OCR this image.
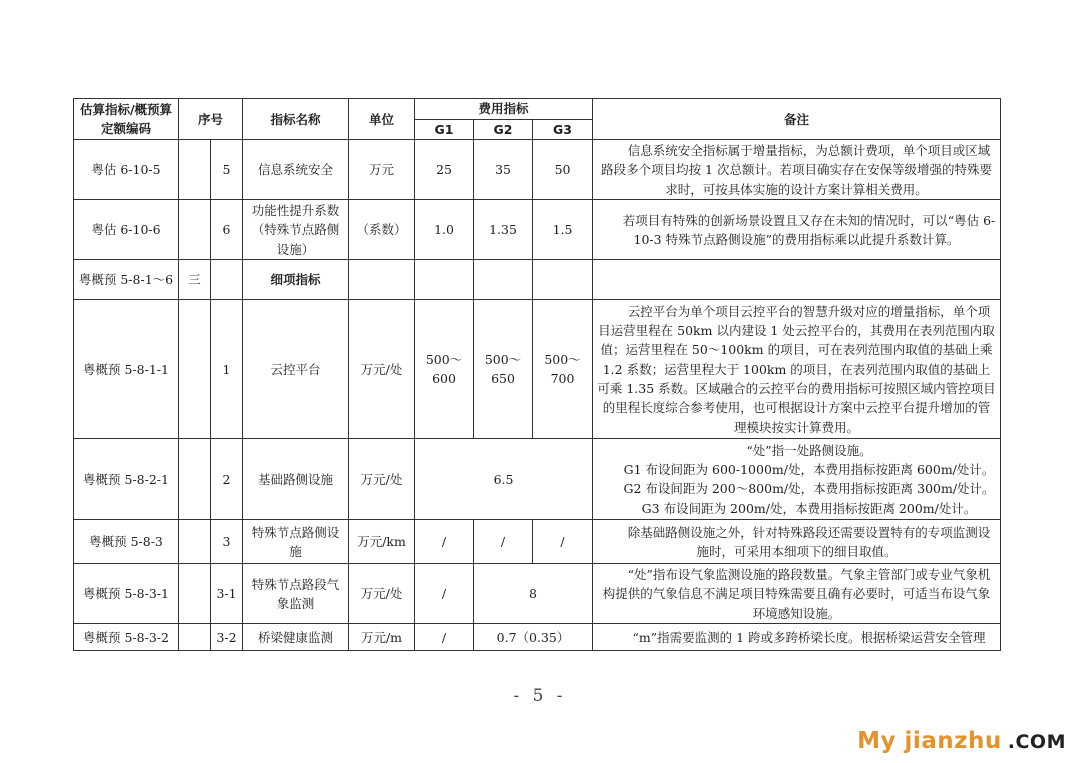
估算指标/概预算定额编码	序号		指标名称	单位	费用指标			备注
					G1	G2	G3	
粤估 6-10-5		5	信息系统安全	万元	25	35	50	信息系统安全指标属于增量指标，为总额计费项，单个项目或区域路段多个项目均按 1 次总额计。若项目确实存在安保等级增强的特殊要求时，可按具体实施的设计方案计算相关费用。
粤估 6-10-6		6	功能性提升系数（特殊节点路侧设施）	（系数）	1.0	1.35	1.5	若项目有特殊的创新场景设置且又存在未知的情况时，可以“粤估 6-10-3 特殊节点路侧设施”的费用指标乘以此提升系数计算。
粤概预 5-8-1～6	三		细项指标					
粤概预 5-8-1-1		1	云控平台	万元/处	500～600	500～650	500～700	云控平台为单个项目云控平台的智慧升级对应的增量指标，单个项目运营里程在 50km 以内建设 1 处云控平台的，其费用在表列范围内取值；运营里程在 50～100km 的项目，可在表列范围内取值的基础上乘 1.2 系数；运营里程大于 100km 的项目，在表列范围内取值的基础上可乘 1.35 系数。区域融合的云控平台的费用指标可按照区域内管控项目的里程长度综合参考使用，也可根据设计方案中云控平台提升增加的管理模块按实计算费用。
粤概预 5-8-2-1		2	基础路侧设施	万元/处	6.5			“处”指一处路侧设施。
G1 布设间距为 600-1000m/处，本费用指标按距离 600m/处计。
G2 布设间距为 200～800m/处，本费用指标按距离 300m/处计。
G3 布设间距为 200m/处，本费用指标按距离 200m/处计。

粤概预 5-8-3		3	特殊节点路侧设施	万元/km	/	/	/	除基础路侧设施之外，针对特殊路段还需要设置特有的专项监测设施时，可采用本细项下的细目取值。
粤概预 5-8-3-1		3-1	特殊节点路段气象监测	万元/处	/	8		“处”指布设气象监测设施的路段数量。气象主管部门或专业气象机构提供的气象信息不满足项目特殊需要且确有必要时，可适当布设气象环境感知设施。
粤概预 5-8-3-2		3-2	桥梁健康监测	万元/m	/	0.7（0.35）		“m”指需要监测的 1 跨或多跨桥梁长度。根据桥梁运营安全管理
- 5 -
My jianzhu .COM
